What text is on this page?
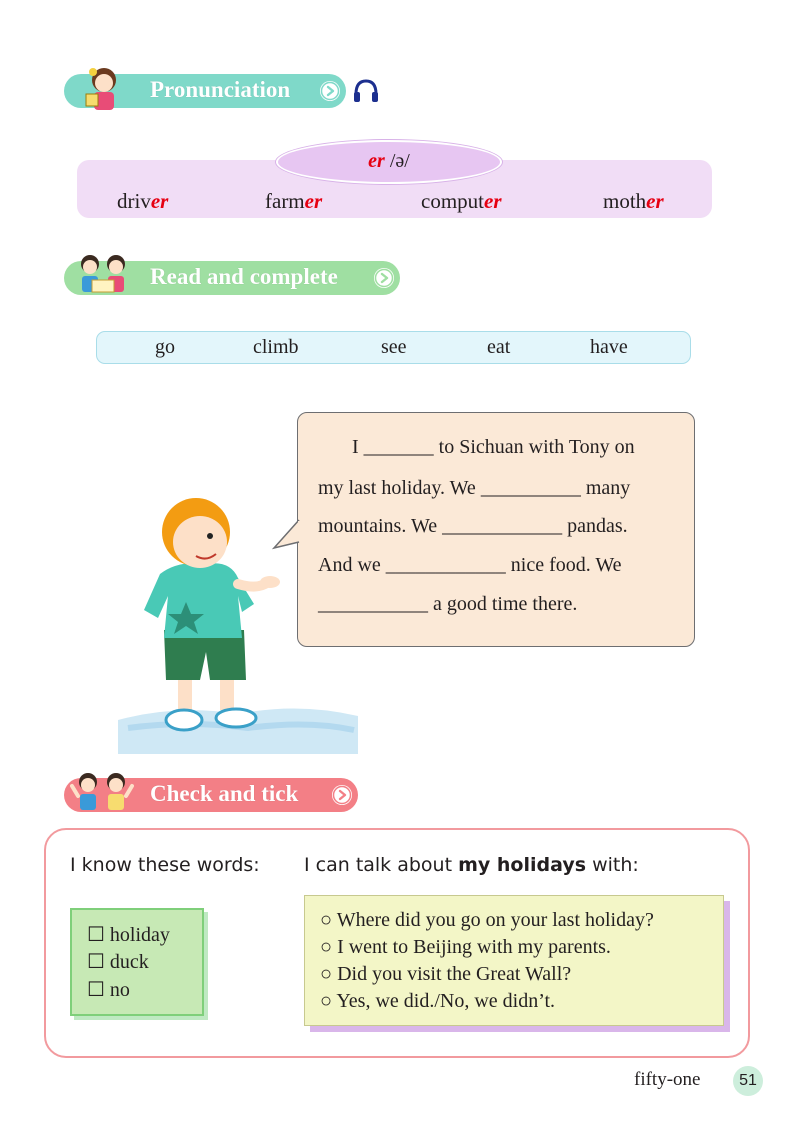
Pronunciation
er /ə/
driver	farmer	computer	mother
Read and complete
go	climb	see	eat	have
I _______ to Sichuan with Tony on
my last holiday. We __________ many
mountains. We ____________ pandas.
And we ____________ nice food. We
___________ a good time there.
Check and tick
I know these words: I can talk about my holidays with:
☐ holiday
☐ duck
☐ no
○ Where did you go on your last holiday?
○ I went to Beijing with my parents.
○ Did you visit the Great Wall?
○ Yes, we did./No, we didn’t.
fifty-one	51
